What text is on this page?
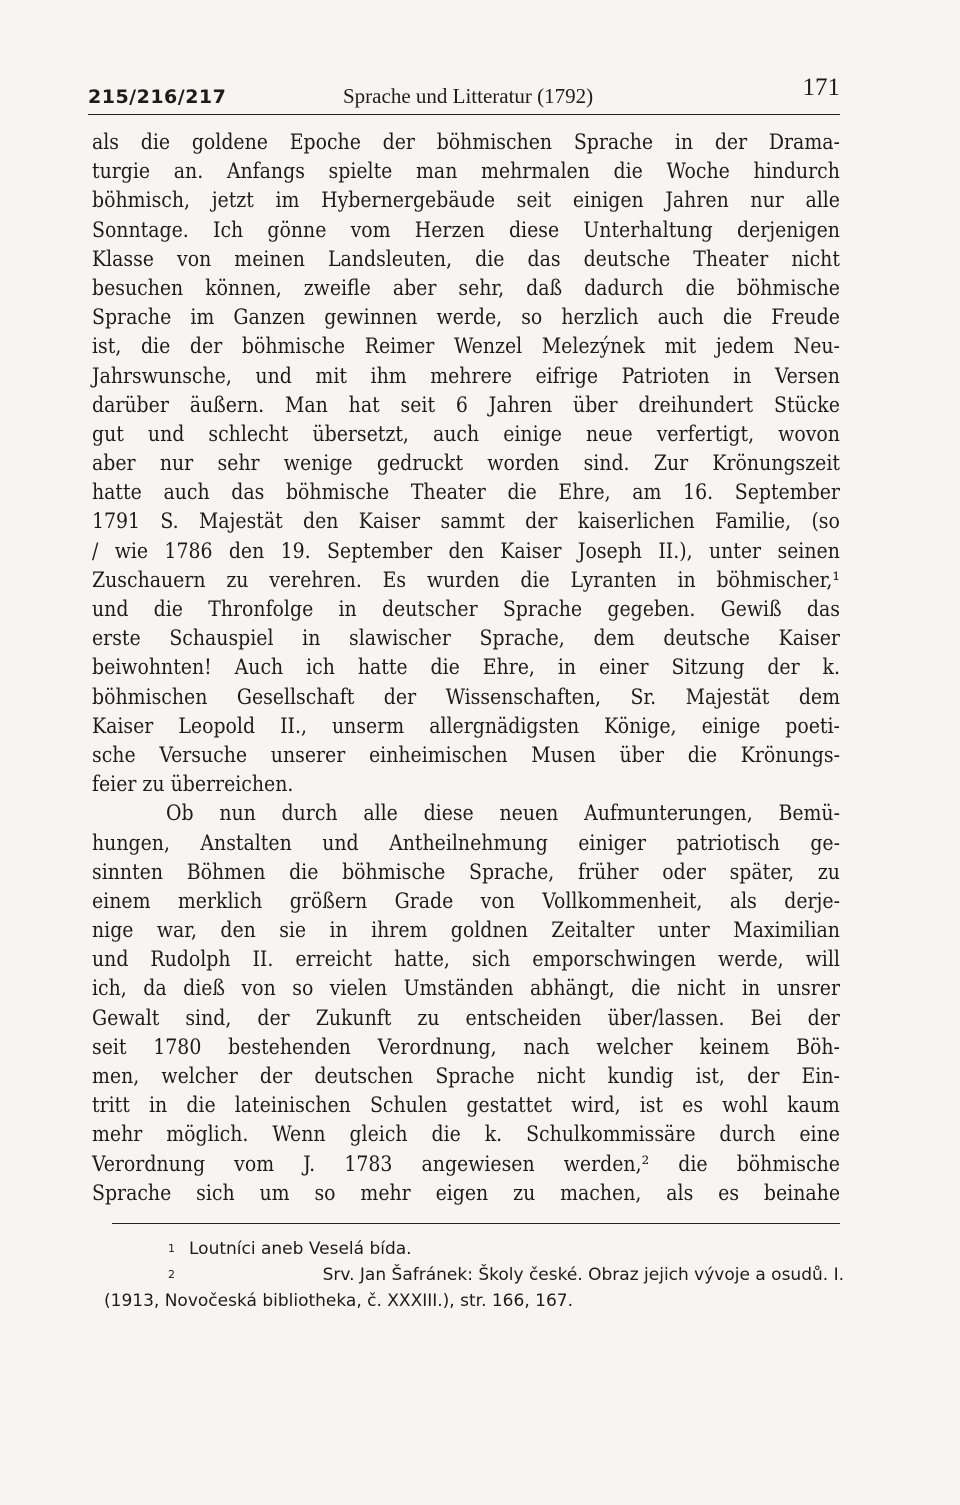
215/216/217	Sprache und Litteratur (1792)	171
als die goldene Epoche der böhmischen Sprache in der Drama-
turgie an. Anfangs spielte man mehrmalen die Woche hindurch
böhmisch, jetzt im Hybernergebäude seit einigen Jahren nur alle
Sonntage. Ich gönne vom Herzen diese Unterhaltung derjenigen
Klasse von meinen Landsleuten, die das deutsche Theater nicht
besuchen können, zweifle aber sehr, daß dadurch die böhmische
Sprache im Ganzen gewinnen werde, so herzlich auch die Freude
ist, die der böhmische Reimer Wenzel Melezýnek mit jedem Neu-
Jahrswunsche, und mit ihm mehrere eifrige Patrioten in Versen
darüber äußern. Man hat seit 6 Jahren über dreihundert Stücke
gut und schlecht übersetzt, auch einige neue verfertigt, wovon
aber nur sehr wenige gedruckt worden sind. Zur Krönungszeit
hatte auch das böhmische Theater die Ehre, am 16. September
1791 S. Majestät den Kaiser sammt der kaiserlichen Familie, (so
/ wie 1786 den 19. September den Kaiser Joseph II.), unter seinen
Zuschauern zu verehren. Es wurden die Lyranten in böhmischer,¹
und die Thronfolge in deutscher Sprache gegeben. Gewiß das
erste Schauspiel in slawischer Sprache, dem deutsche Kaiser
beiwohnten! Auch ich hatte die Ehre, in einer Sitzung der k.
böhmischen Gesellschaft der Wissenschaften, Sr. Majestät dem
Kaiser Leopold II., unserm allergnädigsten Könige, einige poeti-
sche Versuche unserer einheimischen Musen über die Krönungs-
feier zu überreichen.
Ob nun durch alle diese neuen Aufmunterungen, Bemü-
hungen, Anstalten und Antheilnehmung einiger patriotisch ge-
sinnten Böhmen die böhmische Sprache, früher oder später, zu
einem merklich größern Grade von Vollkommenheit, als derje-
nige war, den sie in ihrem goldnen Zeitalter unter Maximilian
und Rudolph II. erreicht hatte, sich emporschwingen werde, will
ich, da dieß von so vielen Umständen abhängt, die nicht in unsrer
Gewalt sind, der Zukunft zu entscheiden über/lassen. Bei der
seit 1780 bestehenden Verordnung, nach welcher keinem Böh-
men, welcher der deutschen Sprache nicht kundig ist, der Ein-
tritt in die lateinischen Schulen gestattet wird, ist es wohl kaum
mehr möglich. Wenn gleich die k. Schulkommissäre durch eine
Verordnung vom J. 1783 angewiesen werden,² die böhmische
Sprache sich um so mehr eigen zu machen, als es beinahe
1 Loutníci aneb Veselá bída.
2	Srv. Jan Šafránek: Školy české. Obraz jejich vývoje a osudů. I.
(1913, Novočeská bibliotheka, č. XXXIII.), str. 166, 167.
